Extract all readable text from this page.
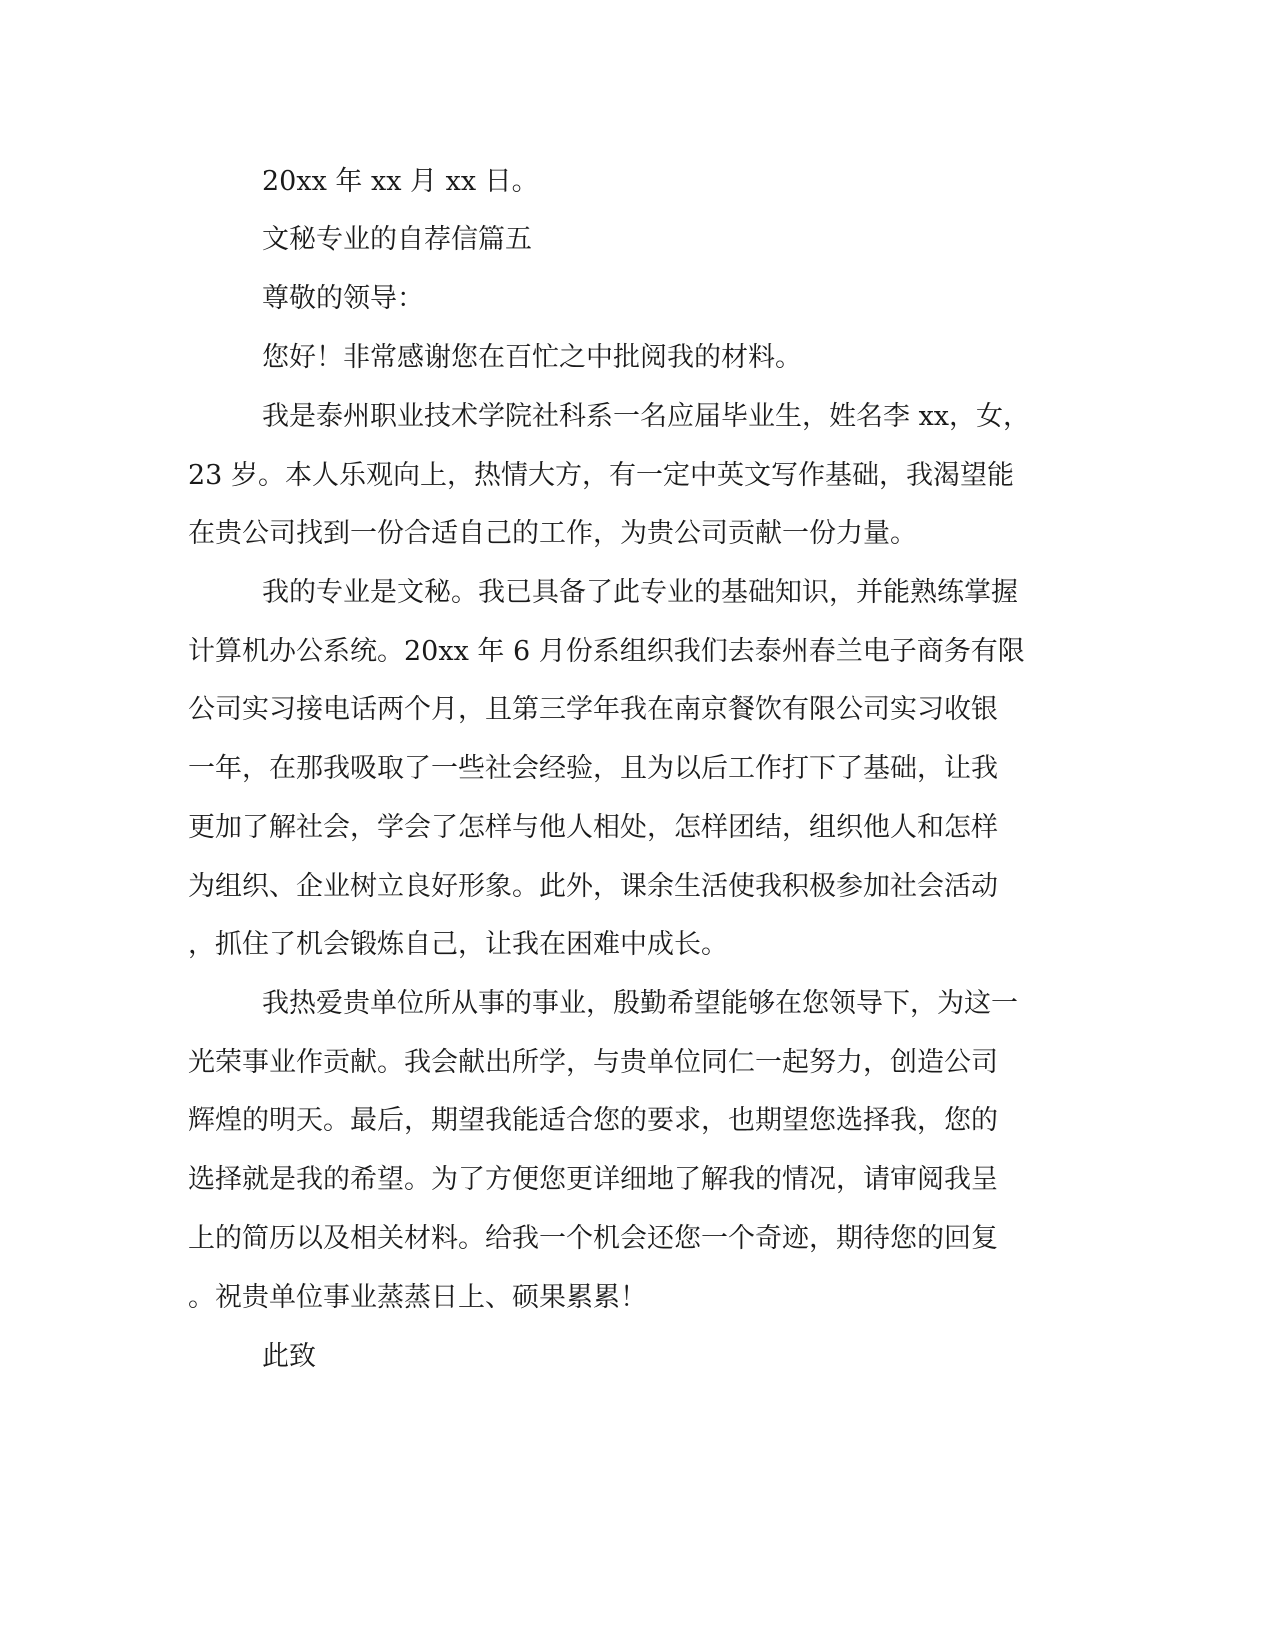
20xx 年 xx 月 xx 日。

文秘专业的自荐信篇五

尊敬的领导：

您好！非常感谢您在百忙之中批阅我的材料。

我是泰州职业技术学院社科系一名应届毕业生，姓名李 xx，女，

23 岁。本人乐观向上，热情大方，有一定中英文写作基础，我渴望能

在贵公司找到一份合适自己的工作，为贵公司贡献一份力量。

我的专业是文秘。我已具备了此专业的基础知识，并能熟练掌握

计算机办公系统。20xx 年 6 月份系组织我们去泰州春兰电子商务有限

公司实习接电话两个月，且第三学年我在南京餐饮有限公司实习收银

一年，在那我吸取了一些社会经验，且为以后工作打下了基础，让我

更加了解社会，学会了怎样与他人相处，怎样团结，组织他人和怎样

为组织、企业树立良好形象。此外，课余生活使我积极参加社会活动

，抓住了机会锻炼自己，让我在困难中成长。

我热爱贵单位所从事的事业，殷勤希望能够在您领导下，为这一

光荣事业作贡献。我会献出所学，与贵单位同仁一起努力，创造公司

辉煌的明天。最后，期望我能适合您的要求，也期望您选择我，您的

选择就是我的希望。为了方便您更详细地了解我的情况，请审阅我呈

上的简历以及相关材料。给我一个机会还您一个奇迹，期待您的回复

。祝贵单位事业蒸蒸日上、硕果累累！

此致
